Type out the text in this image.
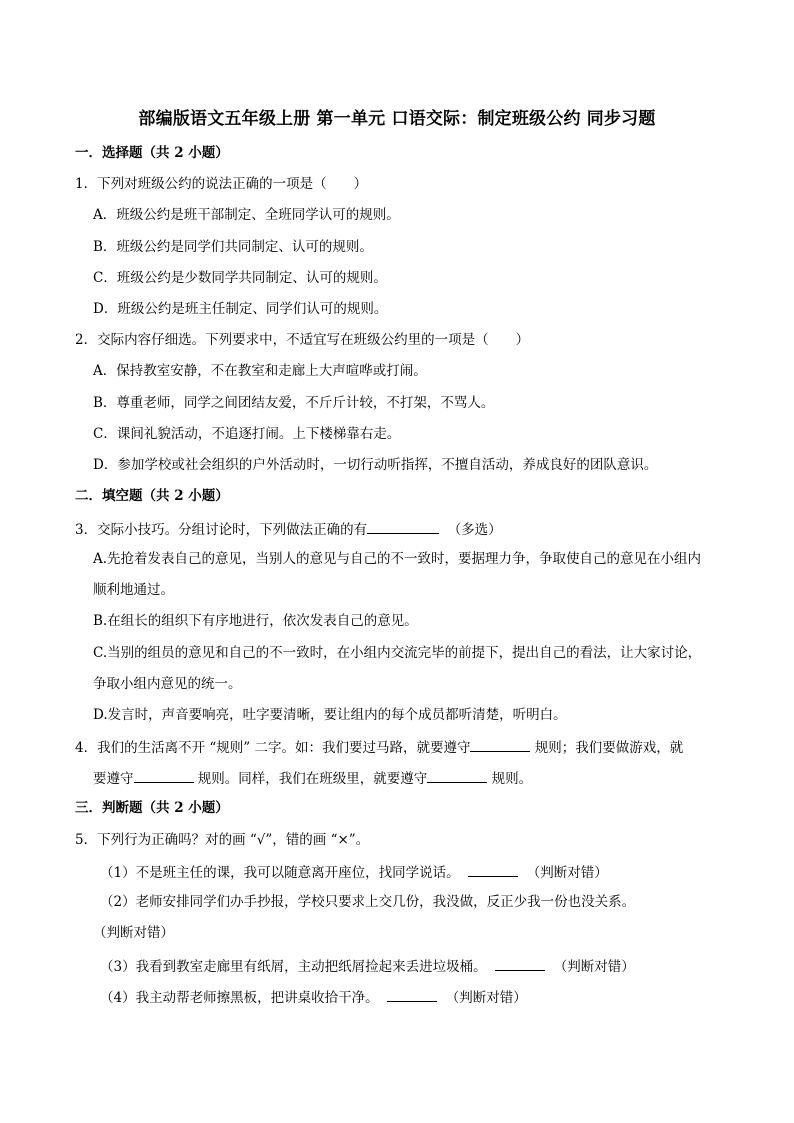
部编版语文五年级上册 第一单元 口语交际：制定班级公约 同步习题
一．选择题（共 2 小题）
1．下列对班级公约的说法正确的一项是（　　）
A．班级公约是班干部制定、全班同学认可的规则。
B．班级公约是同学们共同制定、认可的规则。
C．班级公约是少数同学共同制定、认可的规则。
D．班级公约是班主任制定、同学们认可的规则。
2．交际内容仔细选。下列要求中，不适宜写在班级公约里的一项是（　　）
A．保持教室安静，不在教室和走廊上大声喧哗或打闹。
B．尊重老师，同学之间团结友爱，不斤斤计较，不打架，不骂人。
C．课间礼貌活动，不追逐打闹。上下楼梯靠右走。
D．参加学校或社会组织的户外活动时，一切行动听指挥，不擅自活动，养成良好的团队意识。
二．填空题（共 2 小题）
3．交际小技巧。分组讨论时，下列做法正确的有	（多选）
A.先抢着发表自己的意见，当别人的意见与自己的不一致时，要据理力争，争取使自己的意见在小组内
顺利地通过。
B.在组长的组织下有序地进行，依次发表自己的意见。
C.当别的组员的意见和自己的不一致时，在小组内交流完毕的前提下，提出自己的看法，让大家讨论，
争取小组内意见的统一。
D.发言时，声音要响亮，吐字要清晰，要让组内的每个成员都听清楚，听明白。
4．我们的生活离不开 “规则” 二字。如：我们要过马路，就要遵守	规则；我们要做游戏，就
要遵守	规则。同样，我们在班级里，就要遵守	规则。
三．判断题（共 2 小题）
5．下列行为正确吗？对的画 “√”，错的画 “×”。
（1）不是班主任的课，我可以随意离开座位，找同学说话。	（判断对错）
（2）老师安排同学们办手抄报，学校只要求上交几份，我没做，反正少我一份也没关系。
（判断对错）
（3）我看到教室走廊里有纸屑，主动把纸屑捡起来丢进垃圾桶。	（判断对错）
（4）我主动帮老师擦黑板，把讲桌收拾干净。	（判断对错）
